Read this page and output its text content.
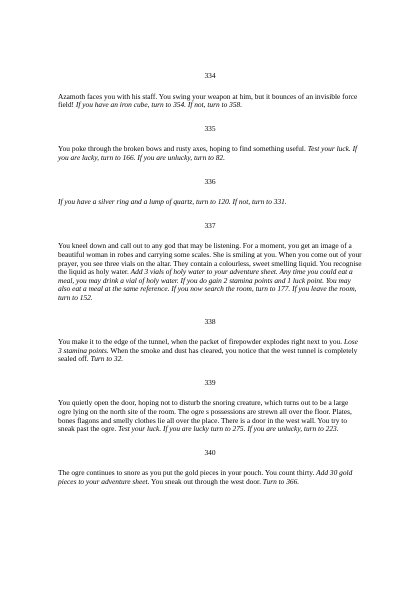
334
Azamoth faces you with his staff. You swing your weapon at him, but it bounces of an invisible force field! If you have an iron cube, turn to 354. If not, turn to 358.
335
You poke through the broken bows and rusty axes, hoping to find something useful. Test your luck. If you are lucky, turn to 166. If you are unlucky, turn to 82.
336
If you have a silver ring and a lump of quartz, turn to 120. If not, turn to 331.
337
You kneel down and call out to any god that may be listening. For a moment, you get an image of a beautiful woman in robes and carrying some scales. She is smiling at you. When you come out of your prayer, you see three vials on the altar. They contain a colourless, sweet smelling liquid. You recognise the liquid as holy water. Add 3 vials of holy water to your adventure sheet. Any time you could eat a meal, you may drink a vial of holy water. If you do gain 2 stamina points and 1 luck point. You may also eat a meal at the same reference. If you now search the room, turn to 177. If you leave the room, turn to 152.
338
You make it to the edge of the tunnel, when the packet of firepowder explodes right next to you. Lose 3 stamina points. When the smoke and dust has cleared, you notice that the west tunnel is completely sealed off. Turn to 32.
339
You quietly open the door, hoping not to disturb the snoring creature, which turns out to be a large ogre lying on the north site of the room. The ogre s possessions are strewn all over the floor. Plates, bones flagons and smelly clothes lie all over the place. There is a door in the west wall. You try to sneak past the ogre. Test your luck. If you are lucky turn to 275. If you are unlucky, turn to 223.
340
The ogre continues to snore as you put the gold pieces in your pouch. You count thirty. Add 30 gold pieces to your adventure sheet. You sneak out through the west door. Turn to 366.
